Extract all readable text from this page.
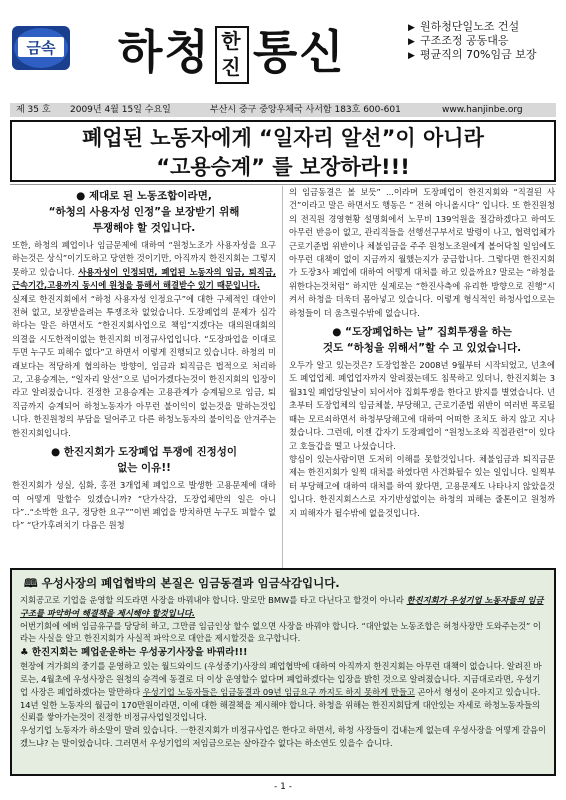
금속 하청 한
진 통신
▶	원하청단일노조 건설
▶ 구조조정 공동대응
▶ 평균직의 70%임금 보장
제 35 호 2009년 4월 15일 수요일	부산시 중구 중앙우체국 사서함 183호 600-601	www.hanjinbe.org
폐업된 노동자에게 “일자리 알선”이 아니라
“고용승계” 를 보장하라!!!
● 제대로 된 노동조합이라면,
“하청의 사용자성 인정”을 보장받기 위해
투쟁해야 할 것입니다.

또한, 하청의 폐업이나 임금문제에 대하여 “원청노조가 사용자성을 요구하는것은 상식”이기도하고 당연한 것이기만, 아직까지 한진지회는 그렇지 못하고 있습니다. 사용자성이 인정되면, 폐업된 노동자의 임금, 퇴직금, 근속기간,고용까지 동시에 원청을 통해서 해결받수 있기 때문입니다.

실제로 한진지회에서 “하청 사용자성 인정요구”에 대한 구체적인 대안이 전혀 없고, 보장받을려는 투쟁조차 없었습니다. 도장폐업의 문제가 심각하다는 말은 하면서도 “한진지회사업으로 책임”지겠다는 대의원대회의 의결을 시도한적이없는 한진지회 비정규사업입니다. “도장파업을 이대로 두면 누구도 피해수 없다”고 하면서 이렇게 진행되고 있습니다. 하청의 미래보다는 적당하게 협의하는 방향이, 임금과 퇴직금은 법적으로 처리하고, 고용승계는, “일자리 알선”으로 넘어가겠다는것이 한진지회의 입장이라고 알려졌습니다. 진정한 고용승계는 고용관계가 승계됨으로 임금, 퇴직금까지 승계되어 하청노동자가 아무런 불이익이 없는것을 말하는것입니다. 한진원청의 부담을 덜어주고 다른 하청노동자의 불이익을 안겨주는 한진지회입니다.

● 한진지회가 도장폐업 투쟁에 진정성이
없는 이유!!

한진지회가 성실, 심화, 홍전 3개업체 폐업으로 발생한 고용문제에 대하여 어떻게 말할수 있겠습니까? “단가삭감, 도장업체만의 일은 아니다”..“소박한 요구, 정당한 요구””이번 폐업을 방치하면 누구도 피할수 없다” “단가후려치기 다음은 원청

의 임금동결은 볼 보듯” ...이라며 도장폐업이 한진지회와 “직결된 사건”이라고 말은 하면서도 행동은 ” 전혀 아니올시다” 입니다. 또 한진원청의 전직원 경영현황 설명회에서 노무비 139억원을 절감하겠다고 하여도 아무런 반응이 없고, 관리직들을 선행선구부서로 발령이 나고, 협력업체가 근로기준법 위반이나 체불임금을 주주 원청노조원에게 볼어닥칠 일임에도 아무런 대책이 없이 지금까지 월했는지가 궁금합니다. 그렇다면 한진지회가 도장3사 폐업에 대하여 어떻게 대처를 하고 있을까요? 말로는 “하청을 위한다는것처럼” 하지만 실제로는 “한진사측에 유리한 방향으로 진행”시켜서 하청을 더욱더 몸아넣고 있습니다. 이렇게 형식적인 하청사업으로는 하청들이 더 움츠릴수밖에 없습니다.

● “도장폐업하는 날” 집회투쟁을 하는
것도 “하청을 위해서”할 수 고 있었습니다.

오두가 알고 있는것은? 도장업찰은 2008년 9월부터 시작되었고, 넌초에도 폐업업체. 폐업업자까지 알려졌는데도 침묵하고 있더니, 한진지회는 3월31일 폐업당일날이 되어서야 집회투쟁을 한다고 밝지를 별였습니다. 넌초부터 도장업체의 임금체불, 부당해고, 근로기준법 위반이 여러번 폭로될때는 모르쇠하면서 하청부당해고에 대하여 어떠한 조치도 하지 않고 지나쳤습니다. 그런데, 이젠 갑자기 도장폐업이 “원청노조와 직접관련”이 있다고 호들갑을 떨고 나섰습니다.

향심이 있는사람이면 도저히 이해를 못할것입니다. 체불임금과 퇴직금문제는 한진지회가 일찍 대처를 하였다면 사건화될수 있는 일입니다. 일찍부터 부당해고에 대하여 대처를 하여 왔다면, 고용문제도 나타나지 않았을것입니다. 한진지회스스로 자기반성없이는 하청의 피해는 줄톤이고 원청까지 피해자가 될수밖에 없을것입니다.

🕮 우성사장의 폐업협박의 본질은 임금동결과 임금삭감입니다.
지회공고로 기업을 운영할 의도라면 사장을 바꿔내야 합니다. 말로만 BMW를 타고 다닌다고 할것이 아니라 한진지회가 우성기업 노동자들의 임금구조를 파악하여 해결책을 제시해야 할것입니다.
어번기회에 에버 임금유구를 당당히 하고, 그만큼 임금인상 할수 없으면 사장을 바꿔야 합니다. “대안없는 노동조합은 허청사장만 도와주는것” 이라는 사실을 알고 한진지회가 사실적 파악으로 대안을 제시할것을 요구합니다.
♣ 한진지회는 폐업운운하는 우성공기사장을 바꿔라!!!
현장에 겨가회의 중기를 운영하고 있는 월드와이드 (우성중기)사장의 폐업협박에 대하여 아직까지 한진지회는 아무런 대책이 없습니다. 알려진 바로는, 4월초에 우성사장은 원청의 승격에 동결로 더 이상 운영할수 없다며 폐업하겠다는 입장을 밝힌 것으로 알려졌습니다. 지금대로라면, 우성기업 사장은 폐업하겠다는 말만하다 우성기업 노동자들은 임금동결과 09년 임금요구 까지도 하지 못하게 만들고 곤아서 형성이 온아지고 있습니다.
14년 일한 노동자의 월급이 170만원이라면, 이에 대한 해결책을 제시해야 합니다. 하청을 위해는 한진지회답게 대안있는 자세로 하청노동자들의 신뢰를 쌓아가는것이 진정한 비정규사업일것입니다.
우성기업 노동자가 하소말이 말려 있습니다. 一한진지회가 비정규사업은 한다고 하면서, 하청 사장들이 겁내는게 없는데 우성사장을 어떻게 갈음이겠느냐? 는 말이었습니다. 그러면서 우성기업의 저임금으로는 살아갈수 없다는 하소연도 있을수 습니다.
- 1 -
